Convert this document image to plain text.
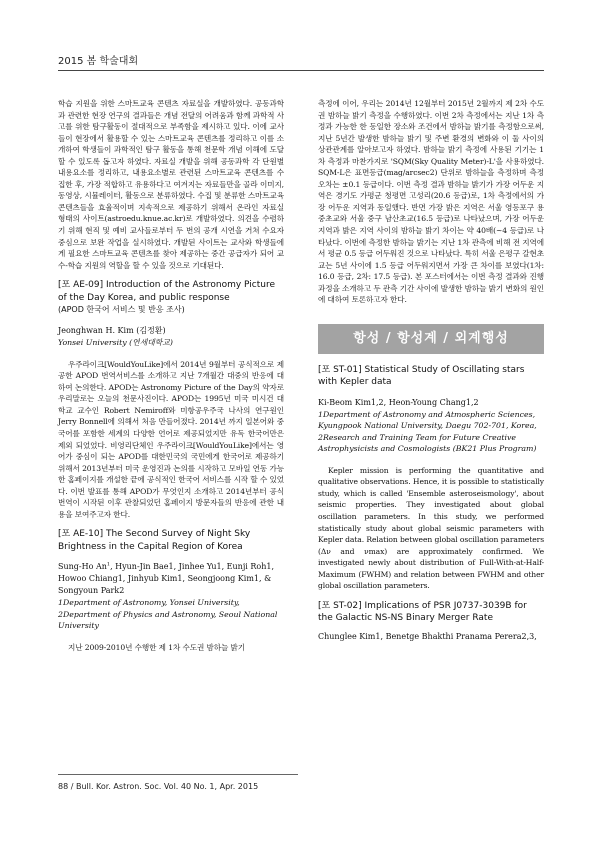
2015 봄 학술대회

학습 지원을 위한 스마트교육 콘텐츠 자료실을 개발하였다. 공동과학과 관련한 현장 연구의 결과들은 개념 전달의 어려움과 함께 과학적 사고를 위한 탐구활동이 절대적으로 부족함을 제시하고 있다. 이에 교사들이 현장에서 활용할 수 있는 스마트교육 콘텐츠를 정리하고 이를 소개하여 학생들이 과학적인 탐구 활동을 통해 천문학 개념 이해에 도달 할 수 있도록 돕고자 하였다. 자료실 개발을 위해 공동과학 각 단원별 내용요소를 정리하고, 내용요소별로 관련된 스마트교육 콘텐츠를 수집한 후, 가장 적합하고 유용하다고 여겨지는 자료들만을 골라 이미지, 동영상, 시뮬레이터, 활동으로 분류하였다. 수집 및 분류한 스마트교육 콘텐츠들을 효율적이며 지속적으로 제공하기 위해서 온라인 자료실 형태의 사이트(astroedu.knue.ac.kr)로 개발하였다. 의견을 수렴하기 위해 현직 및 예비 교사들로부터 두 번의 공개 시연을 거쳐 수요자 중심으로 보완 작업을 실시하였다. 개발된 사이트는 교사와 학생들에게 필요한 스마트교육 콘텐츠를 찾아 제공하는 중간 공급자가 되어 교수-학습 지원의 역할을 할 수 있을 것으로 기대된다.

[포 AE-09] Introduction of the Astronomy Picture of the Day Korea, and public response
(APOD 한국어 서비스 및 반응 조사)
Jeonghwan H. Kim (김정환)
Yonsei University (연세대학교)

우주라이크[WouldYouLike]에서 2014년 9월부터 공식적으로 제공한 APOD 번역서비스를 소개하고 지난 7개월간 대중의 반응에 대하여 논의한다. APOD는 Astronomy Picture of the Day의 약자로 우리말로는 오늘의 천문사진이다. APOD는 1995년 미국 미시건 대학교 교수인 Robert Nemiroff와 미항공우주국 나사의 연구원인 Jerry Bonnell에 의해서 처음 만들어졌다. 2014년 까지 일본어와 중국어를 포함한 세계의 다양한 언어로 제공되었지만 유독 한국어만은 제외 되었었다. 비영리단체인 우주라이크[WouldYouLike]에서는 영어가 중심이 되는 APOD를 대한민국의 국민에게 한국어로 제공하기 위해서 2013년부터 미국 운영진과 논의를 시작하고 모바일 연동 가능한 홈페이지를 개설한 끝에 공식적인 한국어 서비스를 시작 할 수 있었다. 이번 발표를 통해 APOD가 무엇인지 소개하고 2014년부터 공식 번역이 시작된 이후 관찰되었던 홈페이지 방문자들의 반응에 관한 내용을 보여주고자 한다.

[포 AE-10] The Second Survey of Night Sky Brightness in the Capital Region of Korea
Sung-Ho An$^1$, Hyun-Jin Bae1, Jinhee Yu1, Eunji Roh1, Howoo Chiang1, Jinhyub Kim1, Seongjoong Kim1, & Songyoun Park2
1Department of Astronomy, Yonsei University,
2Department of Physics and Astronomy, Seoul National University

지난 2009-2010년 수행한 제 1차 수도권 밤하늘 밝기

측정에 이어, 우리는 2014년 12월부터 2015년 2월까지 제 2차 수도권 밤하늘 밝기 측정을 수행하였다. 이번 2차 측정에서는 지난 1차 측정과 가능한 한 동일한 장소와 조건에서 밤하늘 밝기를 측정함으로써, 지난 5년간 발생한 밤하늘 밝기 및 주변 환경의 변화와 이 둘 사이의 상관관계를 알아보고자 하였다. 밤하늘 밝기 측정에 사용된 기기는 1차 측정과 마찬가지로 'SQM(Sky Quality Meter)-L'을 사용하였다. SQM-L은 표면등급(mag/arcsec2) 단위로 밤하늘을 측정하며 측정 오차는 ±0.1 등급이다. 이번 측정 결과 밤하늘 밝기가 가장 어두운 지역은 경기도 가평군 청평면 고성리(20.6 등급)로, 1차 측정에서의 가장 어두운 지역과 동일했다. 반면 가장 밝은 지역은 서울 영등포구 용중초교와 서울 중구 남산초교(16.5 등급)로 나타났으며, 가장 어두운 지역과 밝은 지역 사이의 밤하늘 밝기 차이는 약 40배(~4 등급)로 나타났다. 이번에 측정한 밤하늘 밝기는 지난 1차 관측에 비해 전 지역에서 평균 0.5 등급 어두워진 것으로 나타났다. 특히 서울 은평구 갈현초교는 5년 사이에 1.5 등급 어두워지면서 가장 큰 차이를 보였다(1차: 16.0 등급, 2차: 17.5 등급). 본 포스터에서는 이번 측정 결과와 진행 과정을 소개하고 두 관측 기간 사이에 발생한 밤하늘 밝기 변화의 원인에 대하여 토론하고자 한다.

항성 / 항성계 / 외계행성
[포 ST-01] Statistical Study of Oscillating stars with Kepler data
Ki-Beom Kim1,2, Heon-Young Chang1,2
1Department of Astronomy and Atmospheric Sciences, Kyungpook National University, Daegu 702-701, Korea,
2Research and Training Team for Future Creative Astrophysicists and Cosmologists (BK21 Plus Program)

Kepler mission is performing the quantitative and qualitative observations. Hence, it is possible to statistically study, which is called 'Ensemble asteroseismology', about seismic properties. They investigated about global oscillation parameters. In this study, we performed statistically study about global seismic parameters with Kepler data. Relation between global oscillation parameters (Δν and νmax) are approximately confirmed. We investigated newly about distribution of Full-With-at-Half-Maximum (FWHM) and relation between FWHM and other global oscillation parameters.

[포 ST-02] Implications of PSR J0737-3039B for the Galactic NS-NS Binary Merger Rate
Chunglee Kim1, Benetge Bhakthi Pranama Perera2,3,
88 / Bull. Kor. Astron. Soc. Vol. 40 No. 1, Apr. 2015
